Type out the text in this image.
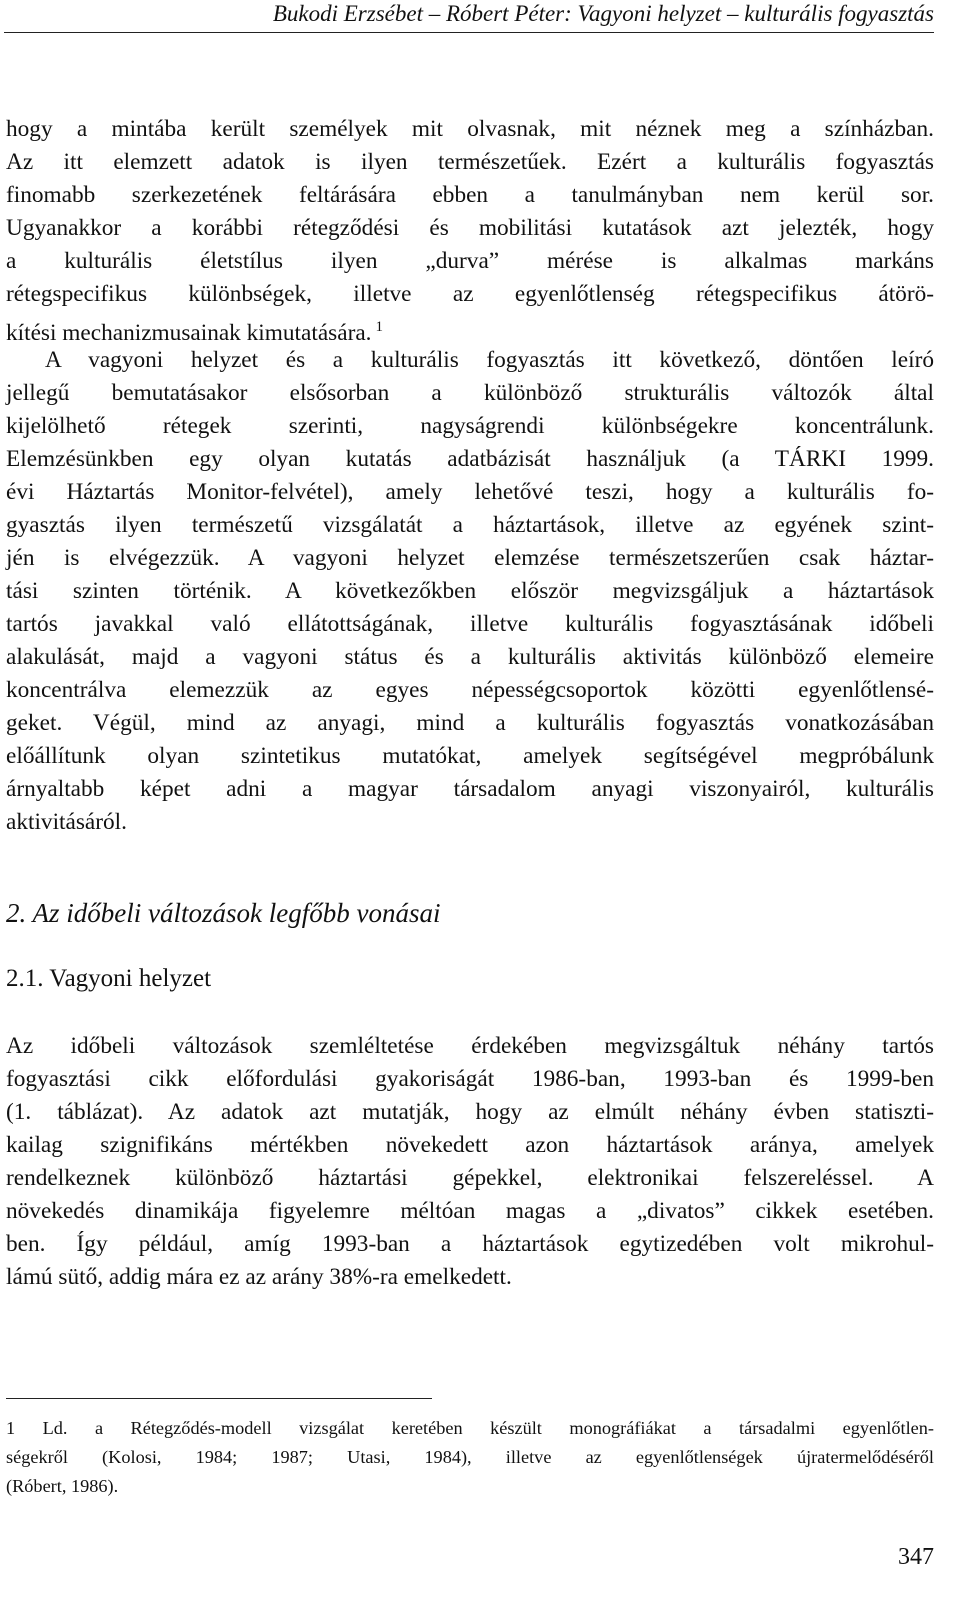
Bukodi Erzsébet – Róbert Péter: Vagyoni helyzet – kulturális fogyasztás
hogy a mintába került személyek mit olvasnak, mit néznek meg a színházban.
Az itt elemzett adatok is ilyen természetűek. Ezért a kulturális fogyasztás
finomabb szerkezetének feltárására ebben a tanulmányban nem kerül sor.
Ugyanakkor a korábbi rétegződési és mobilitási kutatások azt jelezték, hogy
a kulturális életstílus ilyen „durva” mérése is alkalmas markáns
rétegspecifikus különbségek, illetve az egyenlőtlenség rétegspecifikus átörö-
kítési mechanizmusainak kimutatására. $^1$
A vagyoni helyzet és a kulturális fogyasztás itt következő, döntően leíró
jellegű bemutatásakor elsősorban a különböző strukturális változók által
kijelölhető rétegek szerinti, nagyságrendi különbségekre koncentrálunk.
Elemzésünkben egy olyan kutatás adatbázisát használjuk (a TÁRKI 1999.
évi Háztartás Monitor-felvétel), amely lehetővé teszi, hogy a kulturális fo-
gyasztás ilyen természetű vizsgálatát a háztartások, illetve az egyének szint-
jén is elvégezzük. A vagyoni helyzet elemzése természetszerűen csak háztar-
tási szinten történik. A következőkben először megvizsgáljuk a háztartások
tartós javakkal való ellátottságának, illetve kulturális fogyasztásának időbeli
alakulását, majd a vagyoni státus és a kulturális aktivitás különböző elemeire
koncentrálva elemezzük az egyes népességcsoportok közötti egyenlőtlensé-
geket. Végül, mind az anyagi, mind a kulturális fogyasztás vonatkozásában
előállítunk olyan szintetikus mutatókat, amelyek segítségével megpróbálunk
árnyaltabb képet adni a magyar társadalom anyagi viszonyairól, kulturális
aktivitásáról.
2. Az időbeli változások legfőbb vonásai
2.1. Vagyoni helyzet
Az időbeli változások szemléltetése érdekében megvizsgáltuk néhány tartós
fogyasztási cikk előfordulási gyakoriságát 1986-ban, 1993-ban és 1999-ben
(1. táblázat). Az adatok azt mutatják, hogy az elmúlt néhány évben statiszti-
kailag szignifikáns mértékben növekedett azon háztartások aránya, amelyek
rendelkeznek különböző háztartási gépekkel, elektronikai felszereléssel. A
növekedés dinamikája figyelemre méltóan magas a „divatos” cikkek esetében.
ben. Így például, amíg 1993-ban a háztartások egytizedében volt mikrohul-
lámú sütő, addig mára ez az arány 38%-ra emelkedett.
1 Ld. a Rétegződés-modell vizsgálat keretében készült monográfiákat a társadalmi egyenlőtlen-
ségekről (Kolosi, 1984; 1987; Utasi, 1984), illetve az egyenlőtlenségek újratermelődéséről
(Róbert, 1986).
347
